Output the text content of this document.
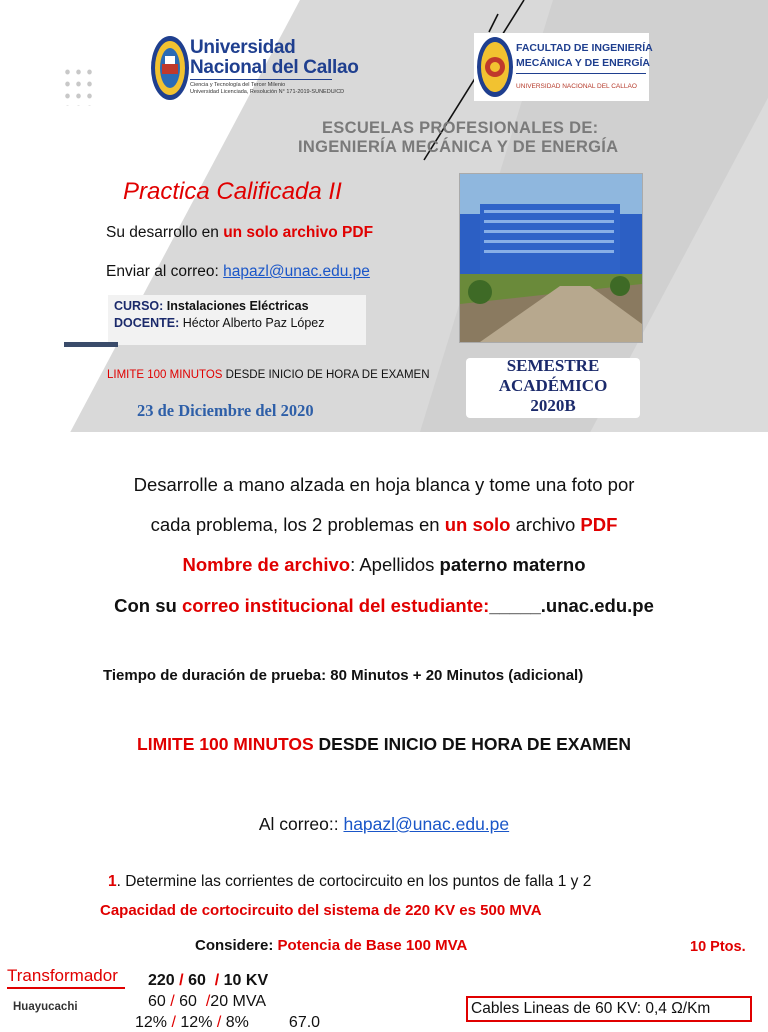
Universidad
Nacional del Callao
Ciencia y Tecnología del Tercer Milenio
Universidad Licenciada, Resolución N° 171-2019-SUNEDU/CD
FACULTAD DE INGENIERÍA
MECÁNICA Y DE ENERGÍA
UNIVERSIDAD NACIONAL DEL CALLAO
ESCUELAS PROFESIONALES DE:
INGENIERÍA MECÁNICA Y DE ENERGÍA
Practica Calificada II
Su desarrollo en un solo archivo PDF
Enviar al correo: hapazl@unac.edu.pe
CURSO: Instalaciones Eléctricas
DOCENTE: Héctor Alberto Paz López
LIMITE 100 MINUTOS DESDE INICIO DE HORA DE EXAMEN
23 de Diciembre del 2020
SEMESTRE
ACADÉMICO
2020B
Desarrolle a mano alzada en hoja blanca y tome una foto por
cada problema, los 2 problemas en un solo archivo PDF
Nombre de archivo: Apellidos paterno materno
Con su correo institucional del estudiante:_____.unac.edu.pe
Tiempo de duración de prueba: 80 Minutos + 20 Minutos (adicional)
LIMITE 100 MINUTOS DESDE INICIO DE HORA DE EXAMEN
Al correo:: hapazl@unac.edu.pe
1. Determine las corrientes de cortocircuito en los puntos de falla 1 y 2
Capacidad de cortocircuito del sistema de 220 KV es 500 MVA
Considere: Potencia de Base 100 MVA	10 Ptos.
Transformador
Huayucachi
220 / 60 / 10 KV
60 / 60 /20 MVA
12% / 12% / 8%	67.0
Cables Lineas de 60 KV: 0,4 Ω/Km
